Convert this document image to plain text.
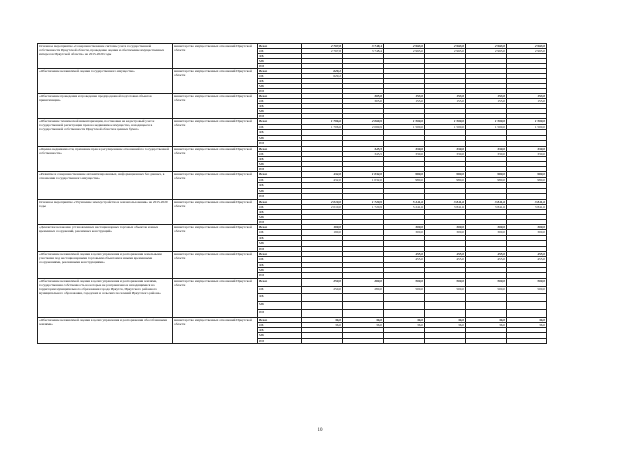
Основное мероприятие «Совершенствование системы учета государственной собственности Иркутской области, проведение оценки и обеспечение имущественных интересов Иркутской области» на 2015-2020 годы	министерство имущественных отношений Иркутской области	Всего	2 767,8	3 748,4	2 963,0	2 963,0	2 963,0	2 963,0
		ОБ	2 767,8	3 748,4	2 963,0	2 963,0	2 963,0	2 963,0
		ФБ						
		МБ						
		ИИ						
«Обеспечение независимой оценки государственного имущества»	министерство имущественных отношений Иркутской области	Всего	629,2					
		ОБ	629,2					
		ФБ						
		МБ						
		ИИ						
«Обеспечение проведения и проведение предпродажной подготовки объектов приватизации»	министерство имущественных отношений Иркутской области	Всего		305,0	153,0	153,0	153,0	153,0
		ОБ		305,0	153,0	153,0	153,0	153,0
		ФБ						
		МБ						
		ИИ						
«Обеспечение технической инвентаризации, постановки на кадастровый учет и государственной регистрации прав на недвижимое имущество, находящееся в государственной собственности Иркутской области и ценных бумаг»	министерство имущественных отношений Иркутской области	Всего	1 706,6	2 069,9	1 500,0	1 500,0	1 500,0	1 500,0
		ОБ	1 706,6	2 069,9	1 500,0	1 500,0	1 500,0	1 500,0
		ФБ						
		МБ						
		ИИ						
«Оценка недвижимости, признание прав и регулирование отношений по государственной собственности»	министерство имущественных отношений Иркутской области	Всего		345,5	330,0	330,0	330,0	330,0
		ОБ		345,5	330,0	330,0	330,0	330,0
		ФБ						
		МБ						
		ИИ						
«Развитие и совершенствование автоматизированных, информационных баз данных, в отношении государственного имущества»	министерство имущественных отношений Иркутской области	Всего	432,0	1 032,0	980,0	980,0	980,0	980,0
		ОБ	432,0	1 032,0	980,0	980,0	980,0	980,0
		ФБ						
		МБ						
		ИИ						
Основное мероприятие «Улучшение землеустройства и землепользования» на 2015-2020 годы	министерство имущественных отношений Иркутской области	Всего	2 010,0	1 720,9	5 241,6	3 841,6	3 841,6	3 841,6
		ОБ	2 010,0	1 720,9	5 241,6	3 841,6	3 841,6	3 841,6
		ФБ						
		МБ						
		ИИ						
«Демонтаж незаконно установленных нестационарных торговых объектов и иных временных сооружений, рекламных конструкций»	министерство имущественных отношений Иркутской области	Всего	190,0		300,0	300,0	300,0	300,0
		ОБ	190,0		300,0	300,0	300,0	300,0
		ФБ						
		МБ						
		ИИ						
«Обеспечение независимой оценки в целях управления и распоряжения земельными участками под нестационарными торговыми объектами и иными временными сооружениями, рекламными конструкциями»	министерство имущественных отношений Иркутской области	Всего			455,0	455,0	455,0	455,0
		ОБ			455,0	455,0	455,0	455,0
		ФБ						
		МБ						
		ИИ						
«Обеспечение независимой оценки в целях управления и распоряжения землями, государственная собственность на которые не разграничена и находящимися на территории муниципального образования города Иркутск, Иркутского районного муниципального образования, городских и сельских поселений Иркутского района»	министерство имущественных отношений Иркутской области	Всего	250,0	280,0	500,0	500,0	500,0	500,0
		ОБ	250,0	280,0	500,0	500,0	500,0	500,0
		ФБ						
		МБ						
		ИИ						
«Обеспечение независимой оценки в целях управления и распоряжения обособленными землями»	министерство имущественных отношений Иркутской области	Всего	36,0	36,0	36,0	36,0	36,0	36,0
		ОБ	36,0	36,0	36,0	36,0	36,0	36,0
		ФБ						
		МБ						
		ИИ						
10
